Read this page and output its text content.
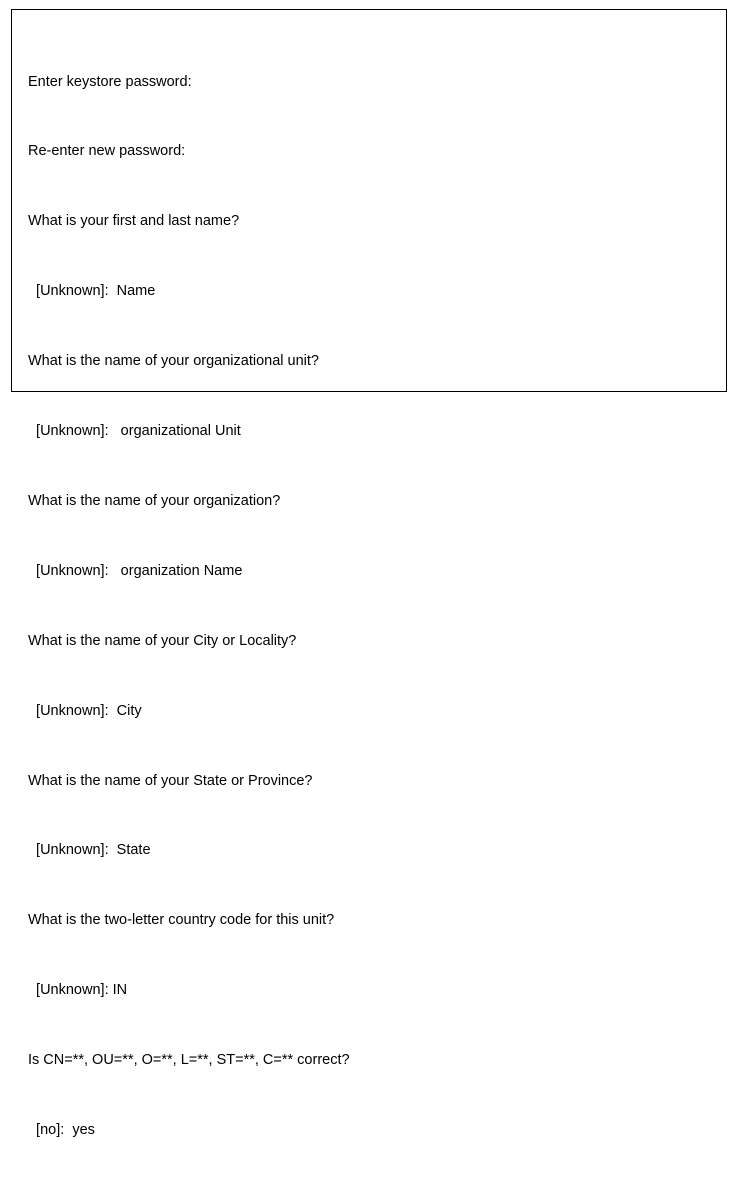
Enter keystore password:

Re-enter new password:

What is your first and last name?

[Unknown]:  Name

What is the name of your organizational unit?

[Unknown]:   organizational Unit

What is the name of your organization?

[Unknown]:   organization Name

What is the name of your City or Locality?

[Unknown]:  City

What is the name of your State or Province?

[Unknown]:  State

What is the two-letter country code for this unit?

[Unknown]: IN

Is CN=**, OU=**, O=**, L=**, ST=**, C=** correct?

[no]:  yes
